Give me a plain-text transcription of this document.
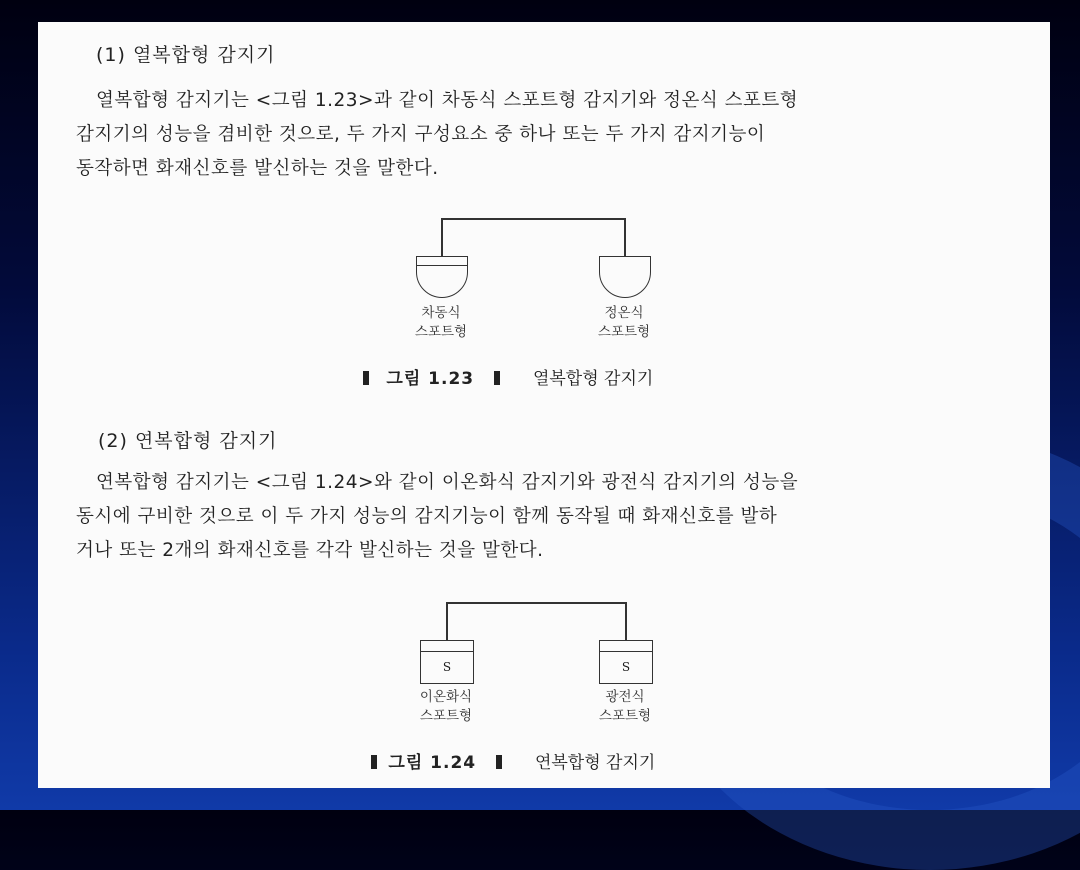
(1) 열복합형 감지기
열복합형 감지기는 <그림 1.23>과 같이 차동식 스포트형 감지기와 정온식 스포트형
감지기의 성능을 겸비한 것으로, 두 가지 구성요소 중 하나 또는 두 가지 감지기능이
동작하면 화재신호를 발신하는 것을 말한다.
차동식
스포트형
정온식
스포트형
그림 1.23	열복합형 감지기
(2) 연복합형 감지기
연복합형 감지기는 <그림 1.24>와 같이 이온화식 감지기와 광전식 감지기의 성능을
동시에 구비한 것으로 이 두 가지 성능의 감지기능이 함께 동작될 때 화재신호를 발하
거나 또는 2개의 화재신호를 각각 발신하는 것을 말한다.
S	S
이온화식
스포트형
광전식
스포트형
그림 1.24	연복합형 감지기
